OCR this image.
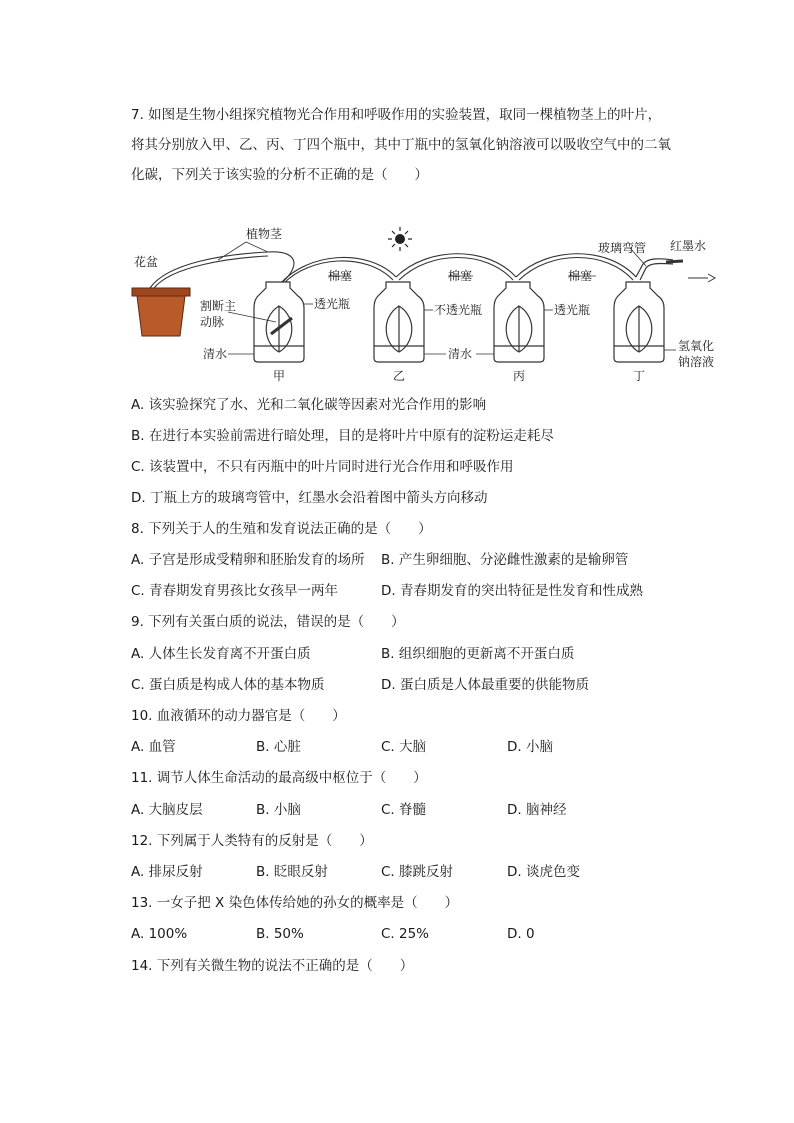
7. 如图是生物小组探究植物光合作用和呼吸作用的实验装置，取同一棵植物茎上的叶片，
将其分别放入甲、乙、丙、丁四个瓶中，其中丁瓶中的氢氧化钠溶液可以吸收空气中的二氧
化碳，下列关于该实验的分析不正确的是（　　）
植物茎
花盆
割断主
动脉
清水
棉塞	棉塞	棉塞
透光瓶	不透光瓶	透光瓶
清水
玻璃弯管 红墨水
氢氧化
钠溶液
甲	乙	丙	丁
A. 该实验探究了水、光和二氧化碳等因素对光合作用的影响
B. 在进行本实验前需进行暗处理，目的是将叶片中原有的淀粉运走耗尽
C. 该装置中，不只有丙瓶中的叶片同时进行光合作用和呼吸作用
D. 丁瓶上方的玻璃弯管中，红墨水会沿着图中箭头方向移动
8. 下列关于人的生殖和发育说法正确的是（　　）
A. 子宫是形成受精卵和胚胎发育的场所 B. 产生卵细胞、分泌雌性激素的是输卵管
C. 青春期发育男孩比女孩早一两年	D. 青春期发育的突出特征是性发育和性成熟
9. 下列有关蛋白质的说法，错误的是（　　）
A. 人体生长发育离不开蛋白质	B. 组织细胞的更新离不开蛋白质
C. 蛋白质是构成人体的基本物质	D. 蛋白质是人体最重要的供能物质
10. 血液循环的动力器官是（　　）
A. 血管	B. 心脏	C. 大脑	D. 小脑
11. 调节人体生命活动的最高级中枢位于（　　）
A. 大脑皮层	B. 小脑	C. 脊髓	D. 脑神经
12. 下列属于人类特有的反射是（　　）
A. 排尿反射	B. 眨眼反射	C. 膝跳反射	D. 谈虎色变
13. 一女子把 X 染色体传给她的孙女的概率是（　　）
A. 100%	B. 50%	C. 25%	D. 0
14. 下列有关微生物的说法不正确的是（　　）
